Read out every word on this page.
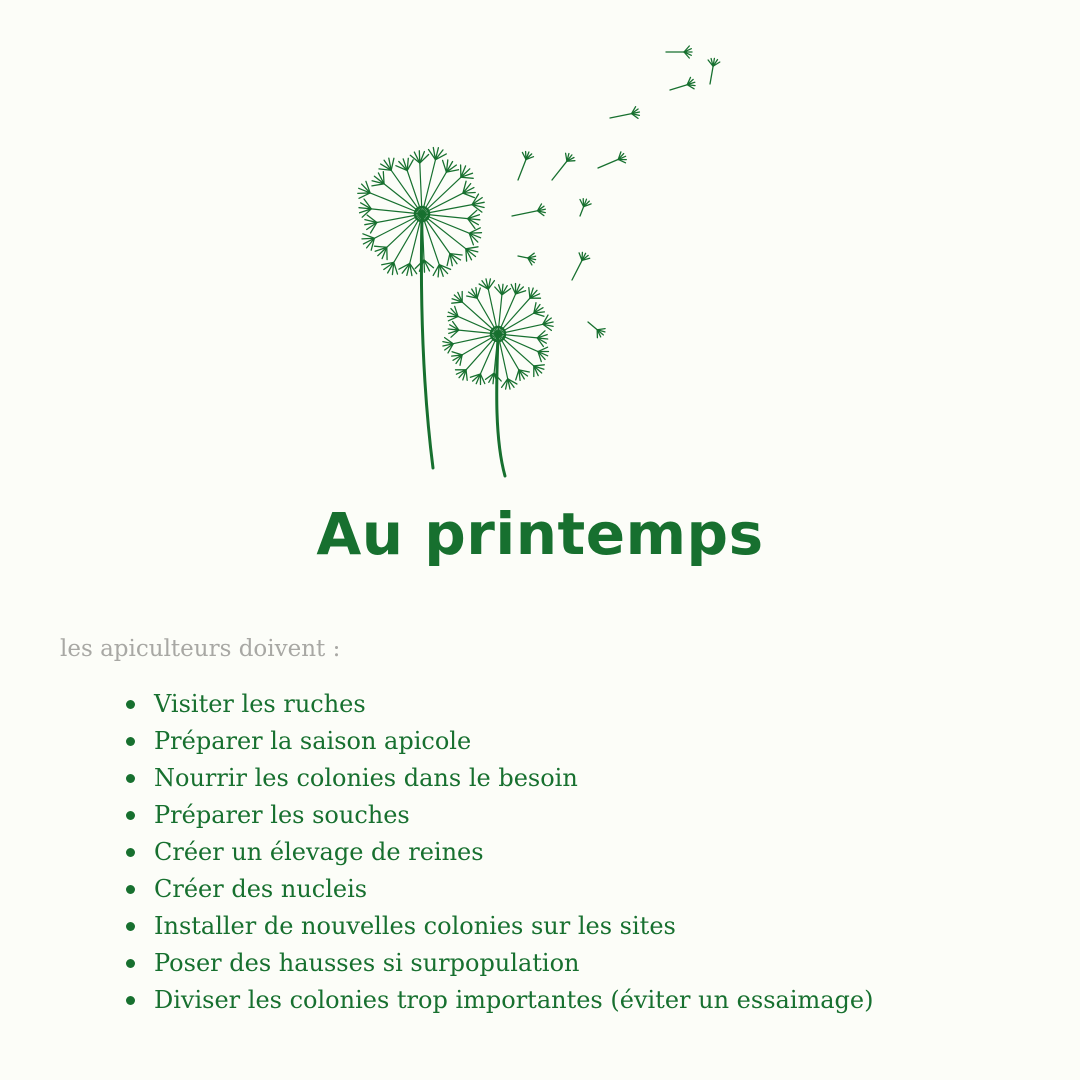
Au printemps

les apiculteurs doivent :

Visiter les ruches
Préparer la saison apicole
Nourrir les colonies dans le besoin
Préparer les souches
Créer un élevage de reines
Créer des nucleis
Installer de nouvelles colonies sur les sites
Poser des hausses si surpopulation
Diviser les colonies trop importantes (éviter un essaimage)
